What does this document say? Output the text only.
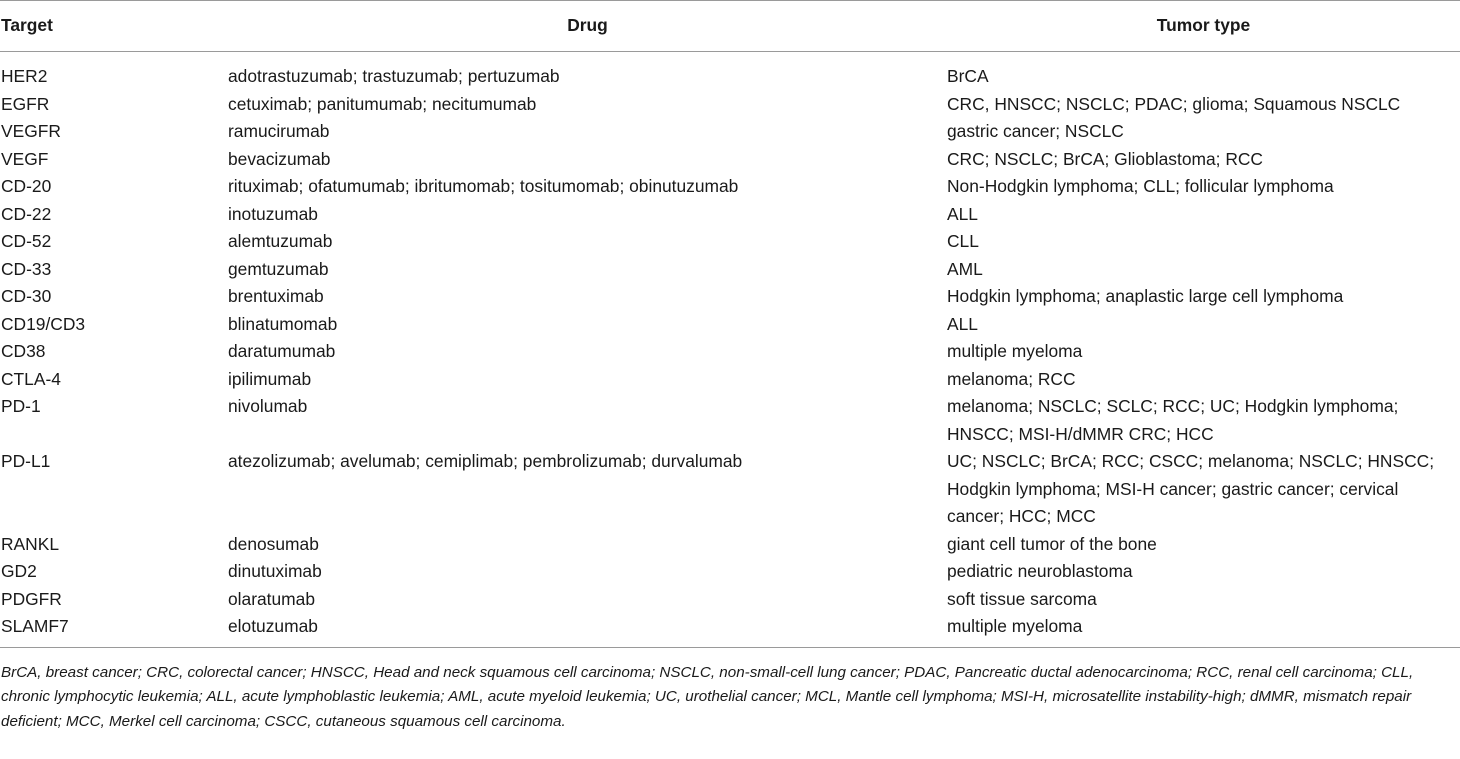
Target	Drug	Tumor type
HER2	adotrastuzumab; trastuzumab; pertuzumab	BrCA
EGFR	cetuximab; panitumumab; necitumumab	CRC, HNSCC; NSCLC; PDAC; glioma; Squamous NSCLC
VEGFR	ramucirumab	gastric cancer; NSCLC
VEGF	bevacizumab	CRC; NSCLC; BrCA; Glioblastoma; RCC
CD-20	rituximab; ofatumumab; ibritumomab; tositumomab; obinutuzumab	Non-Hodgkin lymphoma; CLL; follicular lymphoma
CD-22	inotuzumab	ALL
CD-52	alemtuzumab	CLL
CD-33	gemtuzumab	AML
CD-30	brentuximab	Hodgkin lymphoma; anaplastic large cell lymphoma
CD19/CD3	blinatumomab	ALL
CD38	daratumumab	multiple myeloma
CTLA-4	ipilimumab	melanoma; RCC
PD-1	nivolumab	melanoma; NSCLC; SCLC; RCC; UC; Hodgkin lymphoma; HNSCC; MSI-H/dMMR CRC; HCC
PD-L1	atezolizumab; avelumab; cemiplimab; pembrolizumab; durvalumab	UC; NSCLC; BrCA; RCC; CSCC; melanoma; NSCLC; HNSCC; Hodgkin lymphoma; MSI-H cancer; gastric cancer; cervical cancer; HCC; MCC
RANKL	denosumab	giant cell tumor of the bone
GD2	dinutuximab	pediatric neuroblastoma
PDGFR	olaratumab	soft tissue sarcoma
SLAMF7	elotuzumab	multiple myeloma

BrCA, breast cancer; CRC, colorectal cancer; HNSCC, Head and neck squamous cell carcinoma; NSCLC, non-small-cell lung cancer; PDAC, Pancreatic ductal adenocarcinoma; RCC, renal cell carcinoma; CLL, chronic lymphocytic leukemia; ALL, acute lymphoblastic leukemia; AML, acute myeloid leukemia; UC, urothelial cancer; MCL, Mantle cell lymphoma; MSI-H, microsatellite instability-high; dMMR, mismatch repair deficient; MCC, Merkel cell carcinoma; CSCC, cutaneous squamous cell carcinoma.
